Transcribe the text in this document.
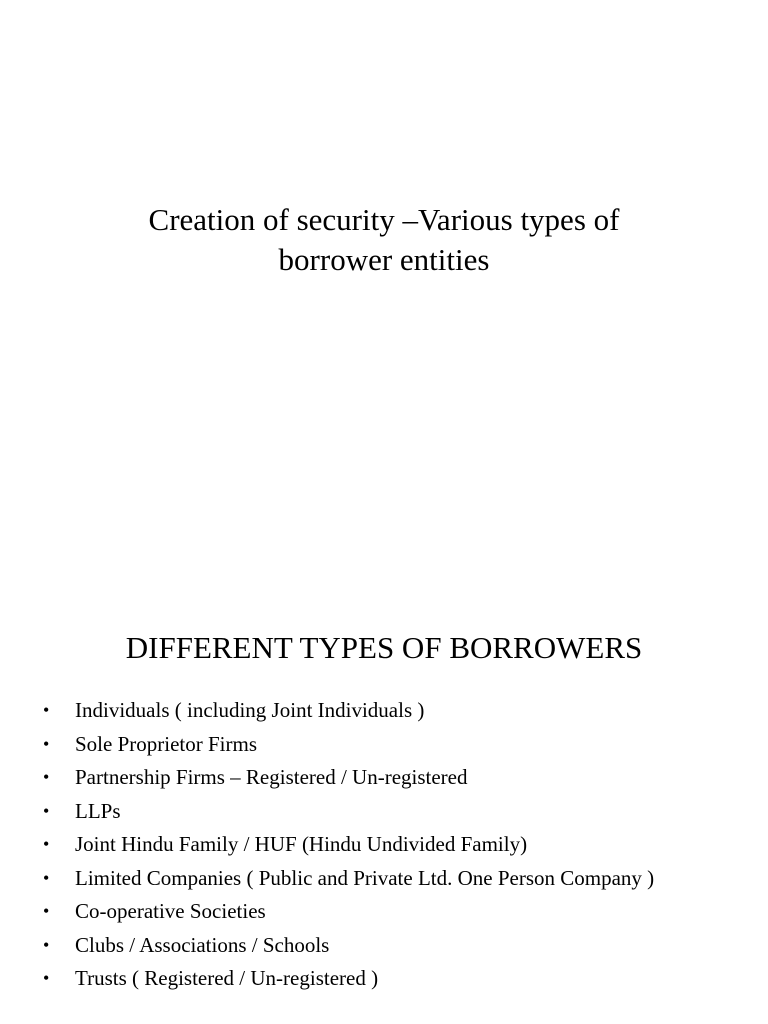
Creation of security –Various types of
borrower entities
DIFFERENT TYPES OF BORROWERS
• Individuals ( including Joint Individuals )
• Sole Proprietor Firms
• Partnership Firms – Registered / Un-registered
• LLPs
• Joint Hindu Family / HUF (Hindu Undivided Family)
• Limited Companies ( Public and Private Ltd. One Person Company )
• Co-operative Societies
• Clubs / Associations / Schools
• Trusts ( Registered / Un-registered )
